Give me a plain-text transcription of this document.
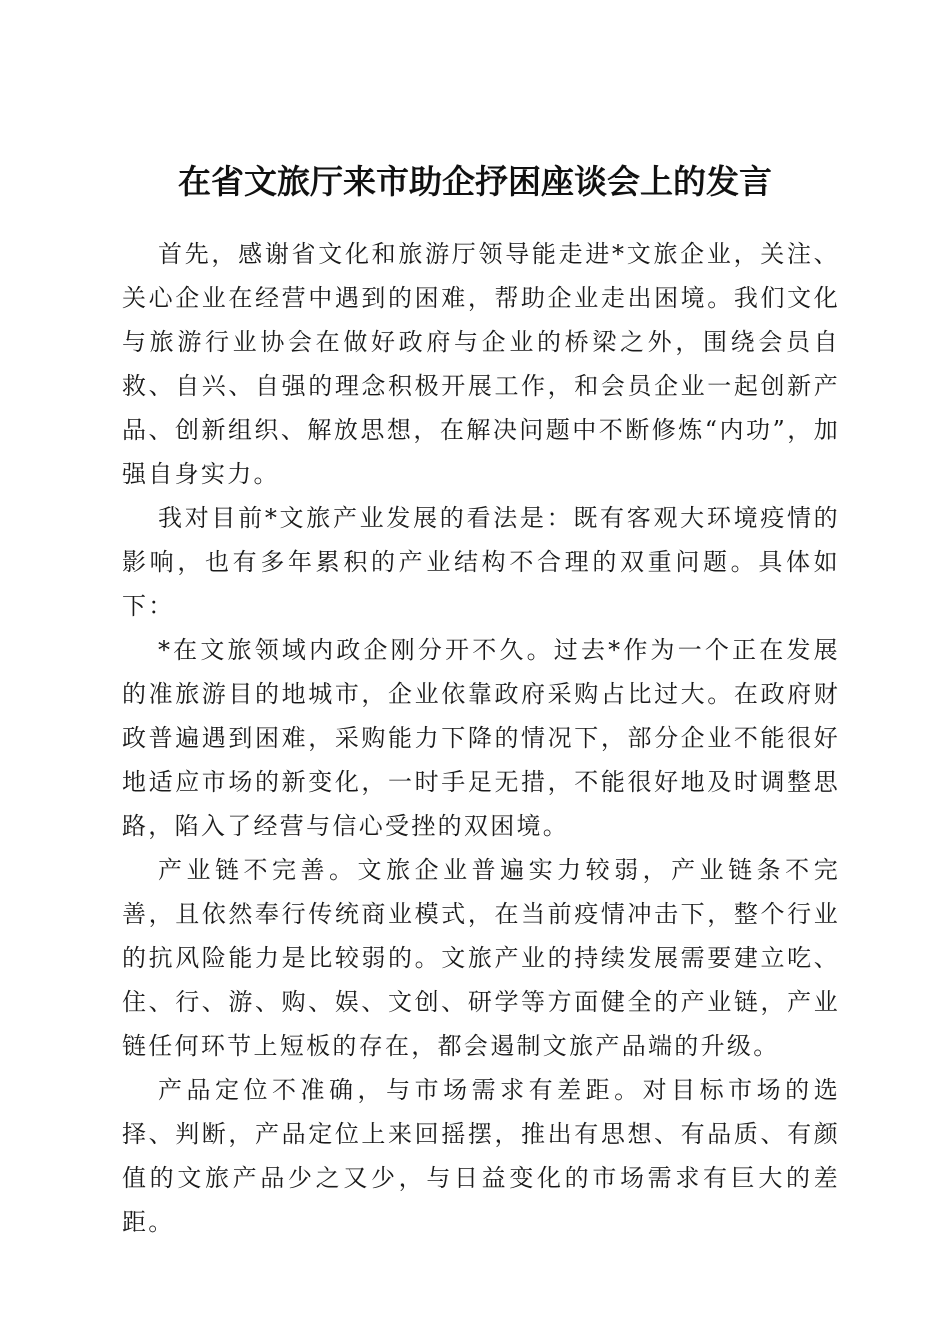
在省文旅厅来市助企抒困座谈会上的发言

首先，感谢省文化和旅游厅领导能走进*文旅企业，关注、关心企业在经营中遇到的困难，帮助企业走出困境。我们文化与旅游行业协会在做好政府与企业的桥梁之外，围绕会员自救、自兴、自强的理念积极开展工作，和会员企业一起创新产品、创新组织、解放思想，在解决问题中不断修炼“内功”，加强自身实力。

我对目前*文旅产业发展的看法是：既有客观大环境疫情的影响，也有多年累积的产业结构不合理的双重问题。具体如下：

*在文旅领域内政企刚分开不久。过去*作为一个正在发展的准旅游目的地城市，企业依靠政府采购占比过大。在政府财政普遍遇到困难，采购能力下降的情况下，部分企业不能很好地适应市场的新变化，一时手足无措，不能很好地及时调整思路，陷入了经营与信心受挫的双困境。

产业链不完善。文旅企业普遍实力较弱，产业链条不完善，且依然奉行传统商业模式，在当前疫情冲击下，整个行业的抗风险能力是比较弱的。文旅产业的持续发展需要建立吃、住、行、游、购、娱、文创、研学等方面健全的产业链，产业链任何环节上短板的存在，都会遏制文旅产品端的升级。

产品定位不准确，与市场需求有差距。对目标市场的选择、判断，产品定位上来回摇摆，推出有思想、有品质、有颜值的文旅产品少之又少，与日益变化的市场需求有巨大的差距。
